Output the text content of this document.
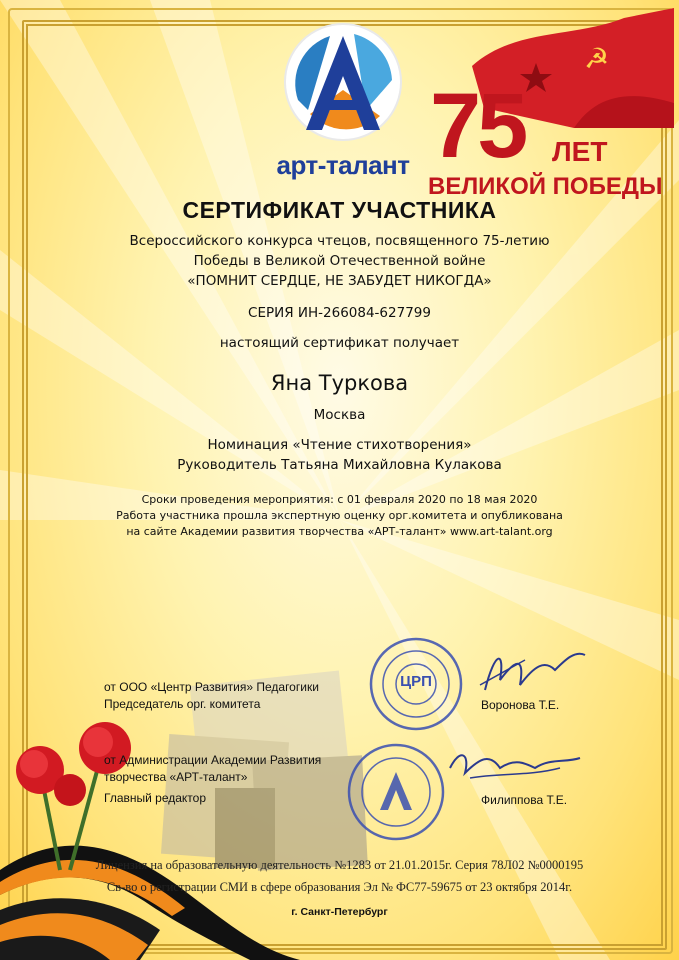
арт-талант
☭
75 ЛЕТ
ВЕЛИКОЙ ПОБЕДЫ
СЕРТИФИКАТ УЧАСТНИКА
Всероссийского конкурса чтецов, посвященного 75-летию
Победы в Великой Отечественной войне
«ПОМНИТ СЕРДЦЕ, НЕ ЗАБУДЕТ НИКОГДА»
СЕРИЯ ИН-266084-627799
настоящий сертификат получает
Яна Туркова
Москва
Номинация «Чтение стихотворения»
Руководитель Татьяна Михайловна Кулакова
Сроки проведения мероприятия: с 01 февраля 2020 по 18 мая 2020
Работа участника прошла экспертную оценку орг.комитета и опубликована
на сайте Академии развития творчества «АРТ-талант» www.art-talant.org
от ООО «Центр Развития» Педагогики
Председатель орг. комитета	Воронова Т.Е.
ЦРП
от Администрации Академии Развития
творчества «АРТ-талант»
Главный редактор	Филиппова Т.Е.
Лицензия на образовательную деятельность №1283 от 21.01.2015г. Серия 78Л02 №0000195
Св-во о регистрации СМИ в сфере образования Эл № ФС77-59675 от 23 октября 2014г.
г. Санкт-Петербург
